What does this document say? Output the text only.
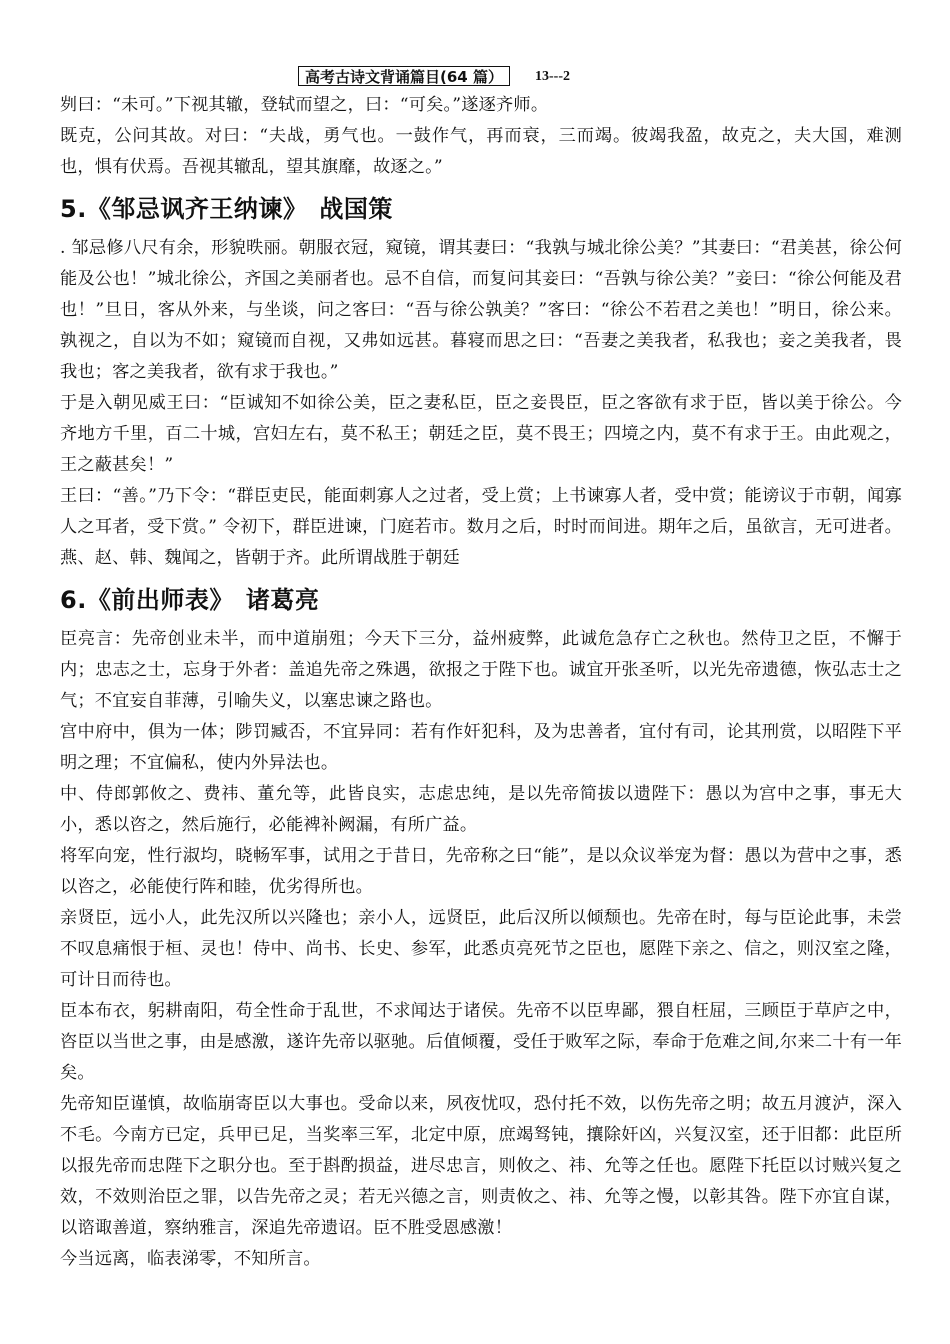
高考古诗文背诵篇目(64 篇）	13---2

刿曰：“未可。”下视其辙，登轼而望之，曰：“可矣。”遂逐齐师。

既克，公问其故。对曰：“夫战，勇气也。一鼓作气，再而衰，三而竭。彼竭我盈，故克之，夫大国，难测也，惧有伏焉。吾视其辙乱，望其旗靡，故逐之。”

5.《邹忌讽齐王纳谏》 战国策

. 邹忌修八尺有余，形貌昳丽。朝服衣冠，窥镜，谓其妻曰：“我孰与城北徐公美？”其妻曰：“君美甚，徐公何能及公也！”城北徐公，齐国之美丽者也。忌不自信，而复问其妾曰：“吾孰与徐公美？”妾曰：“徐公何能及君也！”旦日，客从外来，与坐谈，问之客曰：“吾与徐公孰美？”客曰：“徐公不若君之美也！”明日，徐公来。孰视之，自以为不如；窥镜而自视，又弗如远甚。暮寝而思之曰：“吾妻之美我者，私我也；妾之美我者，畏我也；客之美我者，欲有求于我也。”

于是入朝见威王曰：“臣诚知不如徐公美，臣之妻私臣，臣之妾畏臣，臣之客欲有求于臣，皆以美于徐公。今齐地方千里，百二十城，宫妇左右，莫不私王；朝廷之臣，莫不畏王；四境之内，莫不有求于王。由此观之，王之蔽甚矣！”

王曰：“善。”乃下令：“群臣吏民，能面刺寡人之过者，受上赏；上书谏寡人者，受中赏；能谤议于市朝，闻寡人之耳者，受下赏。” 令初下，群臣进谏，门庭若市。数月之后，时时而间进。期年之后，虽欲言，无可进者。燕、赵、韩、魏闻之，皆朝于齐。此所谓战胜于朝廷

6.《前出师表》 诸葛亮

臣亮言：先帝创业未半，而中道崩殂；今天下三分，益州疲弊，此诚危急存亡之秋也。然侍卫之臣，不懈于内；忠志之士，忘身于外者：盖追先帝之殊遇，欲报之于陛下也。诚宜开张圣听，以光先帝遗德，恢弘志士之气；不宜妄自菲薄，引喻失义，以塞忠谏之路也。

宫中府中，俱为一体；陟罚臧否，不宜异同：若有作奸犯科，及为忠善者，宜付有司，论其刑赏，以昭陛下平明之理；不宜偏私，使内外异法也。

中、侍郎郭攸之、费祎、董允等，此皆良实，志虑忠纯，是以先帝简拔以遗陛下：愚以为宫中之事，事无大小，悉以咨之，然后施行，必能裨补阙漏，有所广益。

将军向宠，性行淑均，晓畅军事，试用之于昔日，先帝称之曰“能”，是以众议举宠为督：愚以为营中之事，悉以咨之，必能使行阵和睦，优劣得所也。

亲贤臣，远小人，此先汉所以兴隆也；亲小人，远贤臣，此后汉所以倾颓也。先帝在时，每与臣论此事，未尝不叹息痛恨于桓、灵也！侍中、尚书、长史、参军，此悉贞亮死节之臣也，愿陛下亲之、信之，则汉室之隆，可计日而待也。

臣本布衣，躬耕南阳，苟全性命于乱世，不求闻达于诸侯。先帝不以臣卑鄙，猥自枉屈，三顾臣于草庐之中，咨臣以当世之事，由是感激，遂许先帝以驱驰。后值倾覆，受任于败军之际，奉命于危难之间,尔来二十有一年矣。

先帝知臣谨慎，故临崩寄臣以大事也。受命以来，夙夜忧叹，恐付托不效，以伤先帝之明；故五月渡泸，深入不毛。今南方已定，兵甲已足，当奖率三军，北定中原，庶竭驽钝，攘除奸凶，兴复汉室，还于旧都：此臣所以报先帝而忠陛下之职分也。至于斟酌损益，进尽忠言，则攸之、祎、允等之任也。愿陛下托臣以讨贼兴复之效，不效则治臣之罪，以告先帝之灵；若无兴德之言，则责攸之、祎、允等之慢，以彰其咎。陛下亦宜自谋，以谘诹善道，察纳雅言，深追先帝遗诏。臣不胜受恩感激！

今当远离，临表涕零，不知所言。
